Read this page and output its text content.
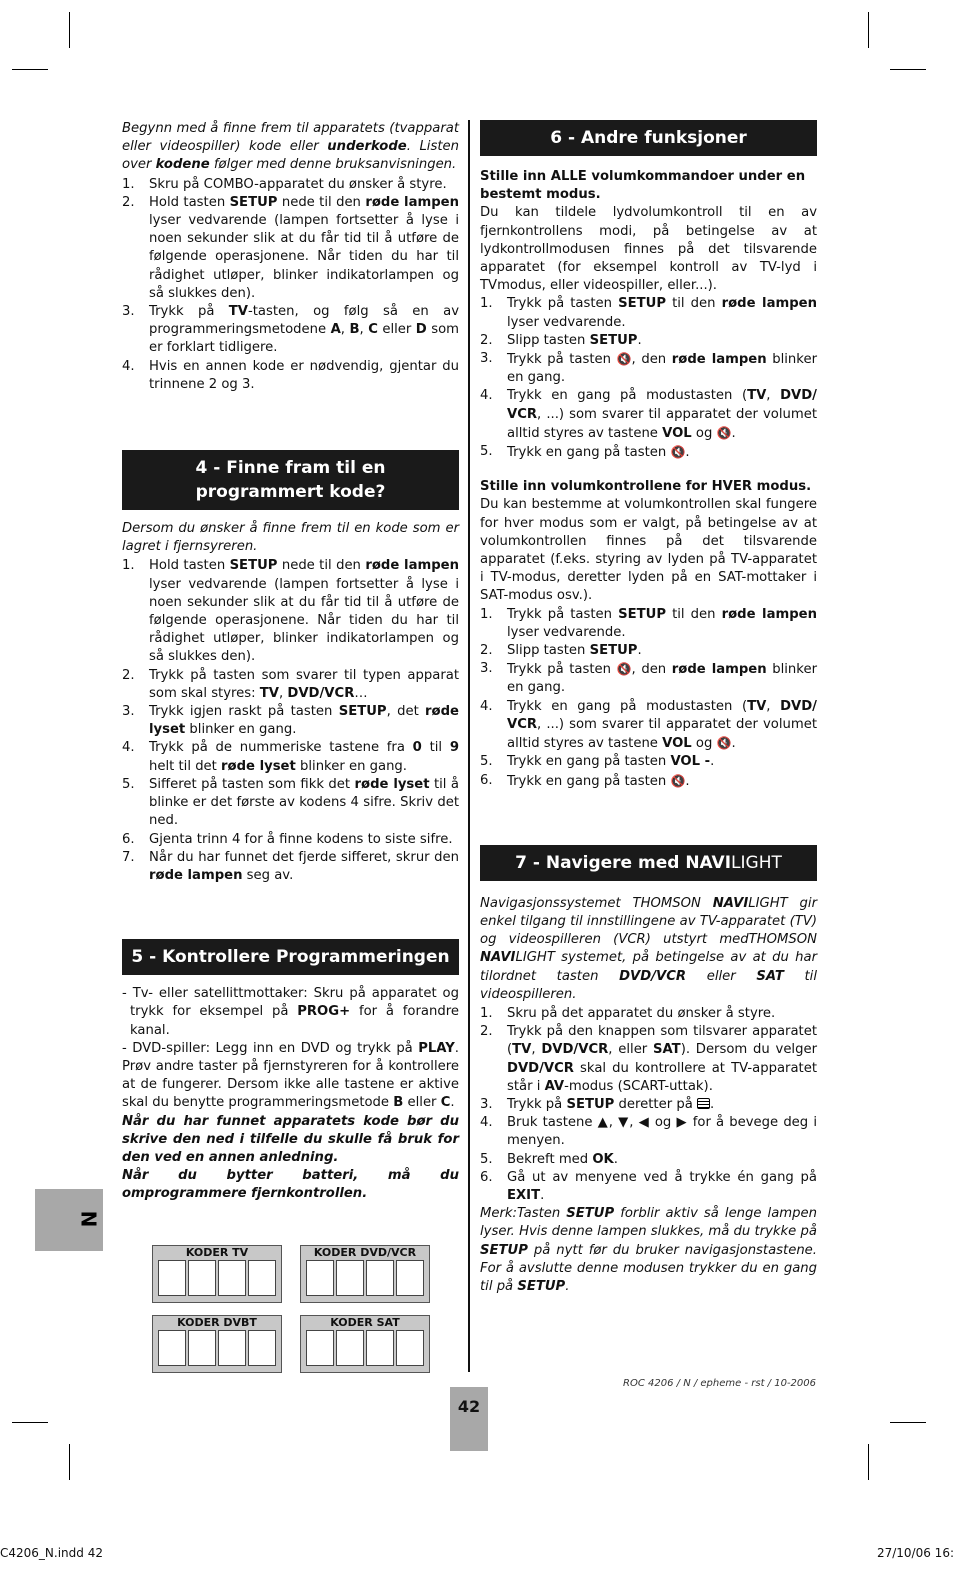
N

Begynn med å finne frem til apparatets (tvapparat eller videospiller) kode eller underkode. Listen over kodene følger med denne bruksanvisningen.

1.	Skru på COMBO-apparatet du ønsker å styre.
2.	Hold tasten SETUP nede til den røde lampen lyser vedvarende (lampen fortsetter å lyse i noen sekunder slik at du får tid til å utføre de følgende operasjonene. Når tiden du har til rådighet utløper, blinker indikatorlampen og så slukkes den).
3.	Trykk på TV-tasten, og følg så en av programmeringsmetodene A, B, C eller D som er forklart tidligere.
4.	Hvis en annen kode er nødvendig, gjentar du trinnene 2 og 3.

4 - Finne fram til en programmert kode?

Dersom du ønsker å finne frem til en kode som er lagret i fjernsyreren.

1.	Hold tasten SETUP nede til den røde lampen lyser vedvarende (lampen fortsetter å lyse i noen sekunder slik at du får tid til å utføre de følgende operasjonene. Når tiden du har til rådighet utløper, blinker indikatorlampen og så slukkes den).
2.	Trykk på tasten som svarer til typen apparat som skal styres: TV, DVD/VCR…
3.	Trykk igjen raskt på tasten SETUP, det røde lyset blinker en gang.
4.	Trykk på de nummeriske tastene fra 0 til 9 helt til det røde lyset blinker en gang.
5.	Sifferet på tasten som fikk det røde lyset til å blinke er det første av kodens 4 sifre. Skriv det ned.
6.	Gjenta trinn 4 for å finne kodens to siste sifre.
7.	Når du har funnet det fjerde sifferet, skrur den røde lampen seg av.

5 - Kontrollere Programmeringen

- Tv- eller satellittmottaker: Skru på apparatet og trykk for eksempel på PROG+ for å forandre kanal.

- DVD-spiller: Legg inn en DVD og trykk på PLAY. Prøv andre taster på fjernstyreren for å kontrollere at de fungerer. Dersom ikke alle tastene er aktive skal du benytte programmeringsmetode B eller C.

Når du har funnet apparatets kode bør du skrive den ned i tilfelle du skulle få bruk for den ved en annen anledning.

Når du bytter batteri, må du omprogrammere fjernkontrollen.

KODER TV	KODER DVD/VCR
KODER DVBT	KODER SAT

6 - Andre funksjoner

Stille inn ALLE volumkommandoer under en bestemt modus.

Du kan tildele lydvolumkontroll til en av fjernkontrollens modi, på betingelse av at lydkontrollmodusen finnes på det tilsvarende apparatet (for eksempel kontroll av TV-lyd i TVmodus, eller videospiller, eller...).

1.	Trykk på tasten SETUP til den røde lampen lyser vedvarende.
2.	Slipp tasten SETUP.
3.	Trykk på tasten 🔇, den røde lampen blinker en gang.
4.	Trykk en gang på modustasten (TV, DVD/ VCR, ...) som svarer til apparatet der volumet alltid styres av tastene VOL og 🔇.
5.	Trykk en gang på tasten 🔇.

Stille inn volumkontrollene for HVER modus.

Du kan bestemme at volumkontrollen skal fungere for hver modus som er valgt, på betingelse av at volumkontrollen finnes på det tilsvarende apparatet (f.eks. styring av lyden på TV-apparatet i TV-modus, deretter lyden på en SAT-mottaker i SAT-modus osv.).

1.	Trykk på tasten SETUP til den røde lampen lyser vedvarende.
2.	Slipp tasten SETUP.
3.	Trykk på tasten 🔇, den røde lampen blinker en gang.
4.	Trykk en gang på modustasten (TV, DVD/ VCR, ...) som svarer til apparatet der volumet alltid styres av tastene VOL og 🔇.
5.	Trykk en gang på tasten VOL -.
6.	Trykk en gang på tasten 🔇.

7 - Navigere med NAVILIGHT

Navigasjonssystemet THOMSON NAVILIGHT gir enkel tilgang til innstillingene av TV-apparatet (TV) og videospilleren (VCR) utstyrt medTHOMSON NAVILIGHT systemet, på betingelse av at du har tilordnet tasten DVD/VCR eller SAT til videospilleren.

1.	Skru på det apparatet du ønsker å styre.
2.	Trykk på den knappen som tilsvarer apparatet (TV, DVD/VCR, eller SAT). Dersom du velger DVD/VCR skal du kontrollere at TV-apparatet står i AV-modus (SCART-uttak).
3.	Trykk på SETUP deretter på .
4.	Bruk tastene ▲, ▼, ◀ og ▶ for å bevege deg i menyen.
5.	Bekreft med OK.
6.	Gå ut av menyene ved å trykke én gang på EXIT.

Merk:Tasten SETUP forblir aktiv så lenge lampen lyser. Hvis denne lampen slukkes, må du trykke på SETUP på nytt før du bruker navigasjonstastene. For å avslutte denne modusen trykker du en gang til på SETUP.

ROC 4206 / N / epheme - rst / 10-2006
42
C4206_N.indd 42	27/10/06 16:
